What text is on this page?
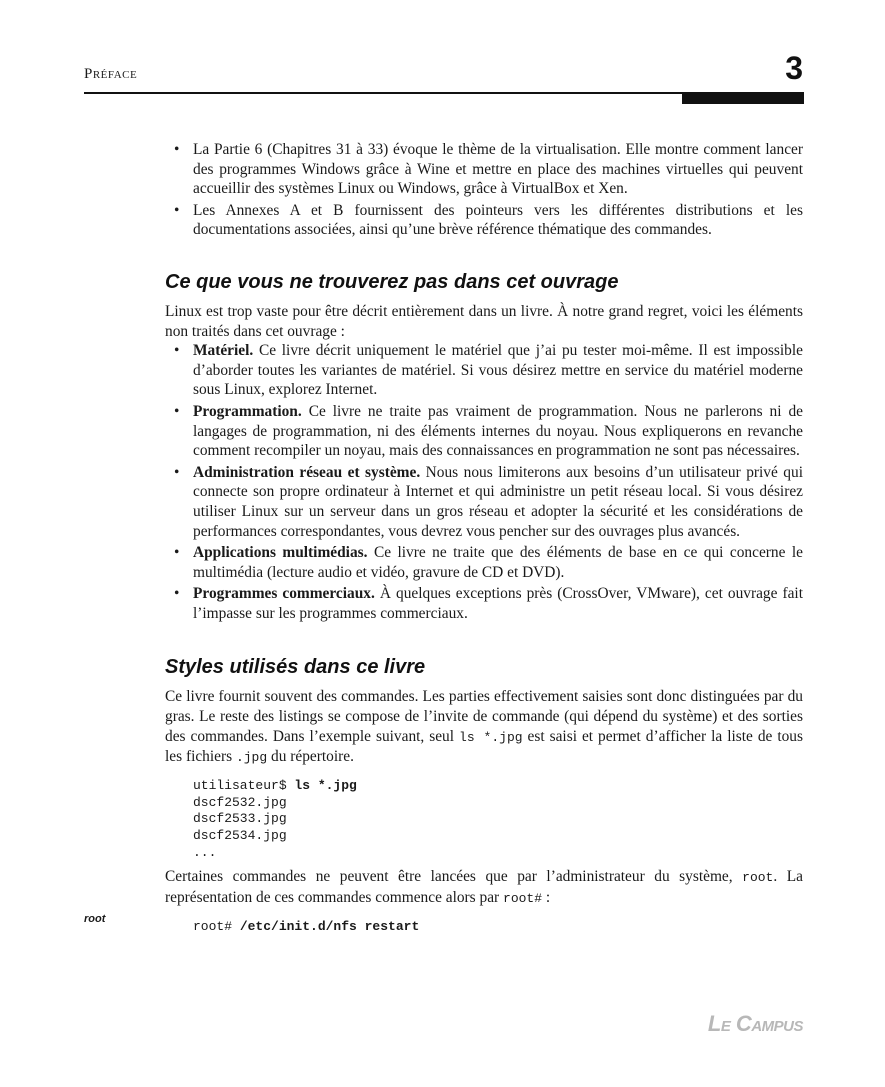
Préface	3
• La Partie 6 (Chapitres 31 à 33) évoque le thème de la virtualisation. Elle montre comment lancer des programmes Windows grâce à Wine et mettre en place des machines virtuelles qui peuvent accueillir des systèmes Linux ou Windows, grâce à VirtualBox et Xen.
• Les Annexes A et B fournissent des pointeurs vers les différentes distributions et les documentations associées, ainsi qu’une brève référence thématique des commandes.
Ce que vous ne trouverez pas dans cet ouvrage

Linux est trop vaste pour être décrit entièrement dans un livre. À notre grand regret, voici les éléments non traités dans cet ouvrage :

• Matériel. Ce livre décrit uniquement le matériel que j’ai pu tester moi-même. Il est impossible d’aborder toutes les variantes de matériel. Si vous désirez mettre en service du matériel moderne sous Linux, explorez Internet.
• Programmation. Ce livre ne traite pas vraiment de programmation. Nous ne parlerons ni de langages de programmation, ni des éléments internes du noyau. Nous expliquerons en revanche comment recompiler un noyau, mais des connaissances en programmation ne sont pas nécessaires.
• Administration réseau et système. Nous nous limiterons aux besoins d’un utilisateur privé qui connecte son propre ordinateur à Internet et qui administre un petit réseau local. Si vous désirez utiliser Linux sur un serveur dans un gros réseau et adopter la sécurité et les considérations de performances correspondantes, vous devrez vous pencher sur des ouvrages plus avancés.
• Applications multimédias. Ce livre ne traite que des éléments de base en ce qui concerne le multimédia (lecture audio et vidéo, gravure de CD et DVD).
• Programmes commerciaux. À quelques exceptions près (CrossOver, VMware), cet ouvrage fait l’impasse sur les programmes commerciaux.
Styles utilisés dans ce livre

Ce livre fournit souvent des commandes. Les parties effectivement saisies sont donc distinguées par du gras. Le reste des listings se compose de l’invite de commande (qui dépend du système) et des sorties des commandes. Dans l’exemple suivant, seul ls *.jpg est saisi et permet d’afficher la liste de tous les fichiers .jpg du répertoire.

utilisateur$ ls *.jpg
dscf2532.jpg
dscf2533.jpg
dscf2534.jpg
...

Certaines commandes ne peuvent être lancées que par l’administrateur du système, root. La représentation de ces commandes commence alors par root# :

root# /etc/init.d/nfs restart
root
Le Campus
